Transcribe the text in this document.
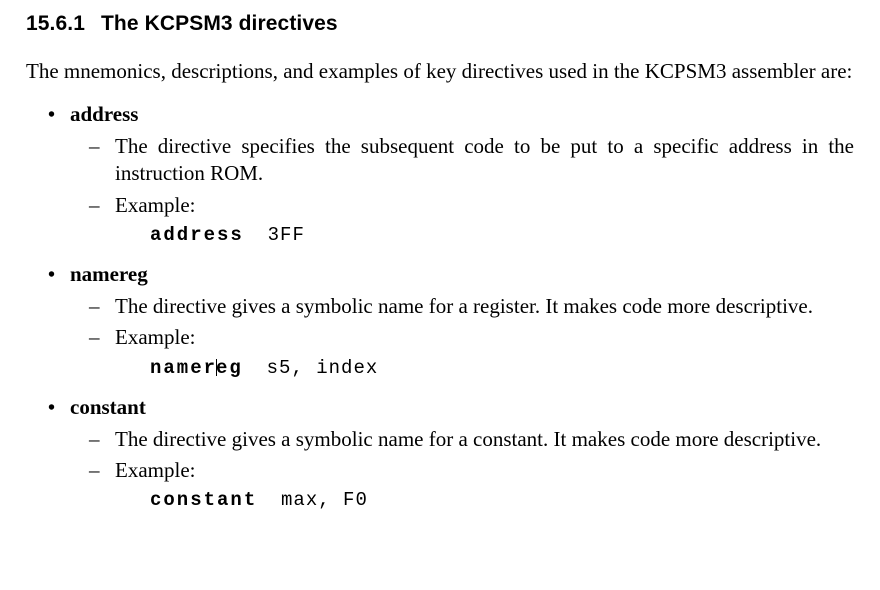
15.6.1 The KCPSM3 directives

The mnemonics, descriptions, and examples of key directives used in the KCPSM3 assembler are:

• address
– The directive specifies the subsequent code to be put to a specific address in the instruction ROM.
– Example:
address 3FF
• namereg
– The directive gives a symbolic name for a register. It makes code more descriptive.
– Example:
namereg s5, index
• constant
– The directive gives a symbolic name for a constant. It makes code more descriptive.
– Example:
constant max, F0
